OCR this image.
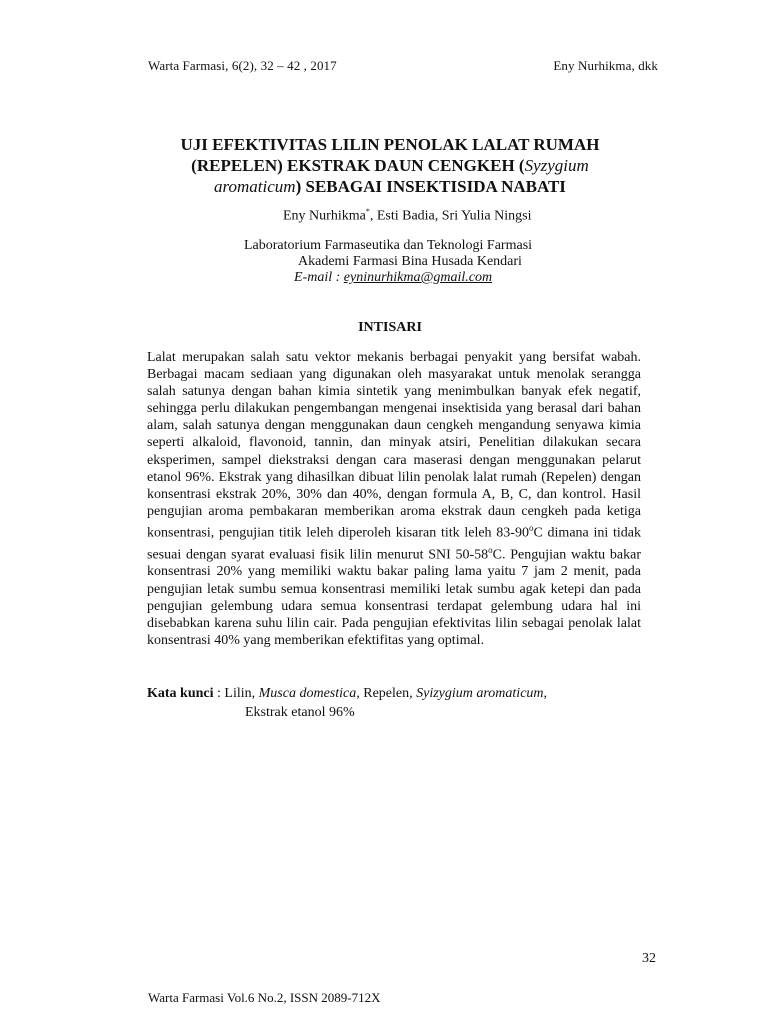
Warta Farmasi, 6(2), 32 – 42 , 2017	Eny Nurhikma, dkk
UJI EFEKTIVITAS LILIN PENOLAK LALAT RUMAH
(REPELEN) EKSTRAK DAUN CENGKEH (Syzygium
aromaticum) SEBAGAI INSEKTISIDA NABATI
Eny Nurhikma*, Esti Badia, Sri Yulia Ningsi
Laboratorium Farmaseutika dan Teknologi Farmasi
Akademi Farmasi Bina Husada Kendari
E-mail : eyninurhikma@gmail.com
INTISARI
Lalat merupakan salah satu vektor mekanis berbagai penyakit yang bersifat wabah. Berbagai macam sediaan yang digunakan oleh masyarakat untuk menolak serangga salah satunya dengan bahan kimia sintetik yang menimbulkan banyak efek negatif, sehingga perlu dilakukan pengembangan mengenai insektisida yang berasal dari bahan alam, salah satunya dengan menggunakan daun cengkeh mengandung senyawa kimia seperti alkaloid, flavonoid, tannin, dan minyak atsiri, Penelitian dilakukan secara eksperimen, sampel diekstraksi dengan cara maserasi dengan menggunakan pelarut etanol 96%. Ekstrak yang dihasilkan dibuat lilin penolak lalat rumah (Repelen) dengan konsentrasi ekstrak 20%, 30% dan 40%, dengan formula A, B, C, dan kontrol. Hasil pengujian aroma pembakaran memberikan aroma ekstrak daun cengkeh pada ketiga konsentrasi, pengujian titik leleh diperoleh kisaran titk leleh 83-90$^o$C dimana ini tidak sesuai dengan syarat evaluasi fisik lilin menurut SNI 50-58$^o$C. Pengujian waktu bakar konsentrasi 20% yang memiliki waktu bakar paling lama yaitu 7 jam 2 menit, pada pengujian letak sumbu semua konsentrasi memiliki letak sumbu agak ketepi dan pada pengujian gelembung udara semua konsentrasi terdapat gelembung udara hal ini disebabkan karena suhu lilin cair. Pada pengujian efektivitas lilin sebagai penolak lalat konsentrasi 40% yang memberikan efektifitas yang optimal.
Kata kunci : Lilin, Musca domestica, Repelen, Syizygium aromaticum,
Ekstrak etanol 96%
32
Warta Farmasi Vol.6 No.2, ISSN 2089-712X
